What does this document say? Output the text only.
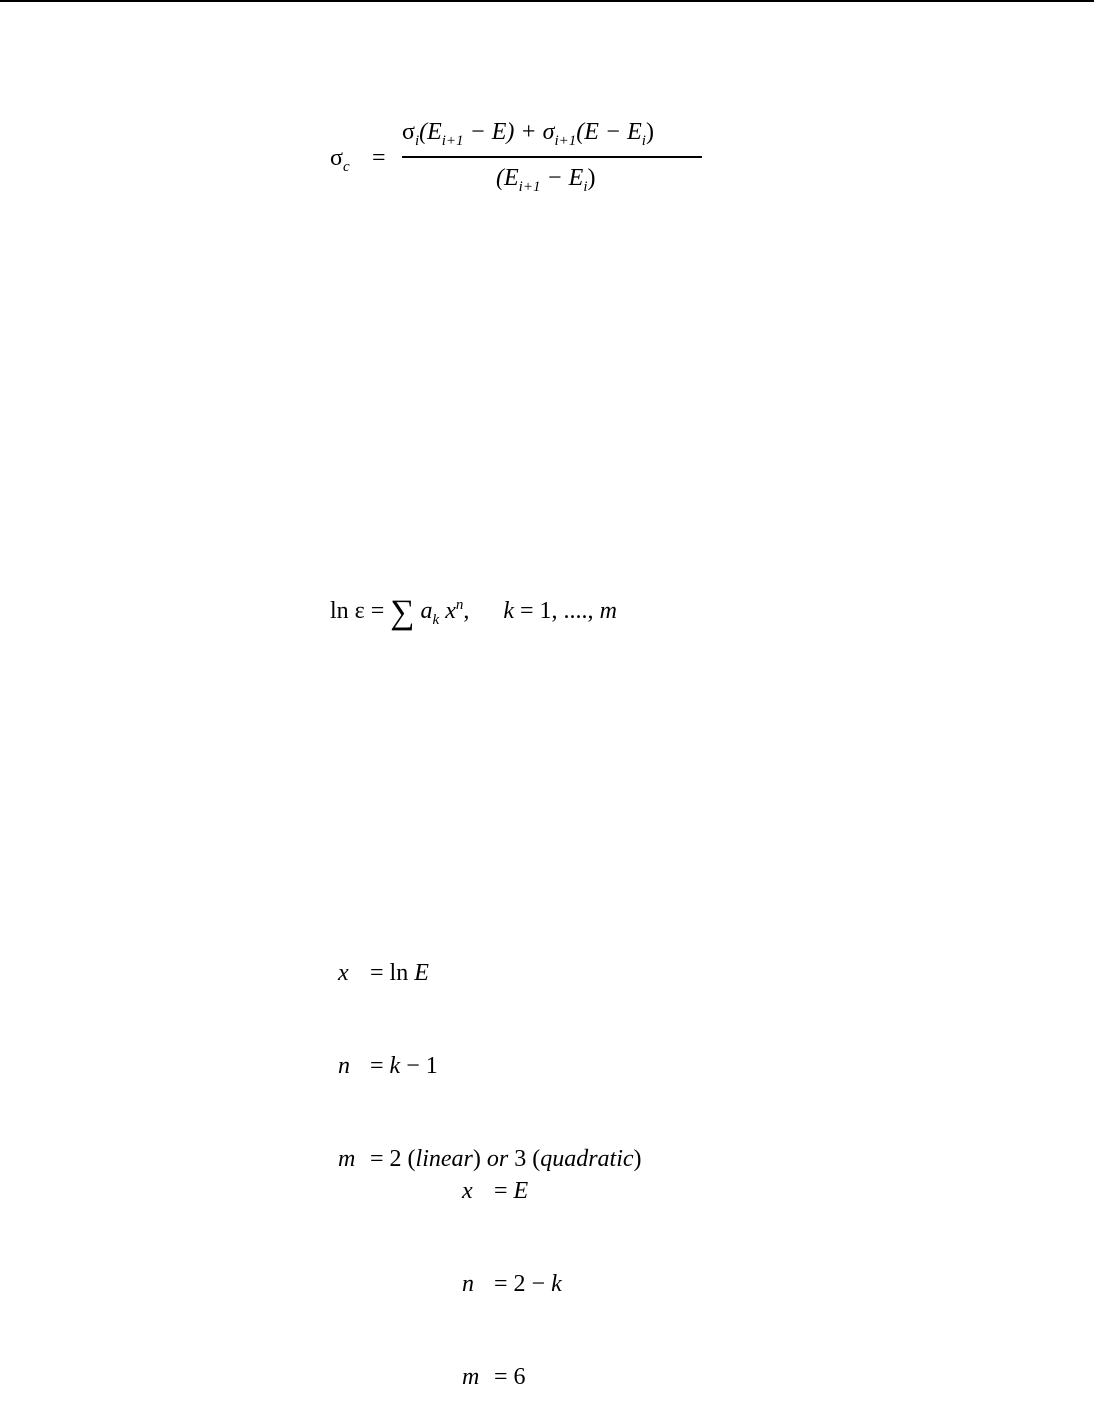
$\sigma_c$ =
$\sigma_i(E_{i+1} - E) + \sigma_{i+1}(E - E_i)$
$(E_{i+1} - E_i)$
ln ε = ∑ $a_k$ $x^n$, k = 1, ...., m

x = ln E

n = k − 1

m = 2 ( linear ) or 3 ( quadratic )

x = E

n = 2 − k

m = 6
